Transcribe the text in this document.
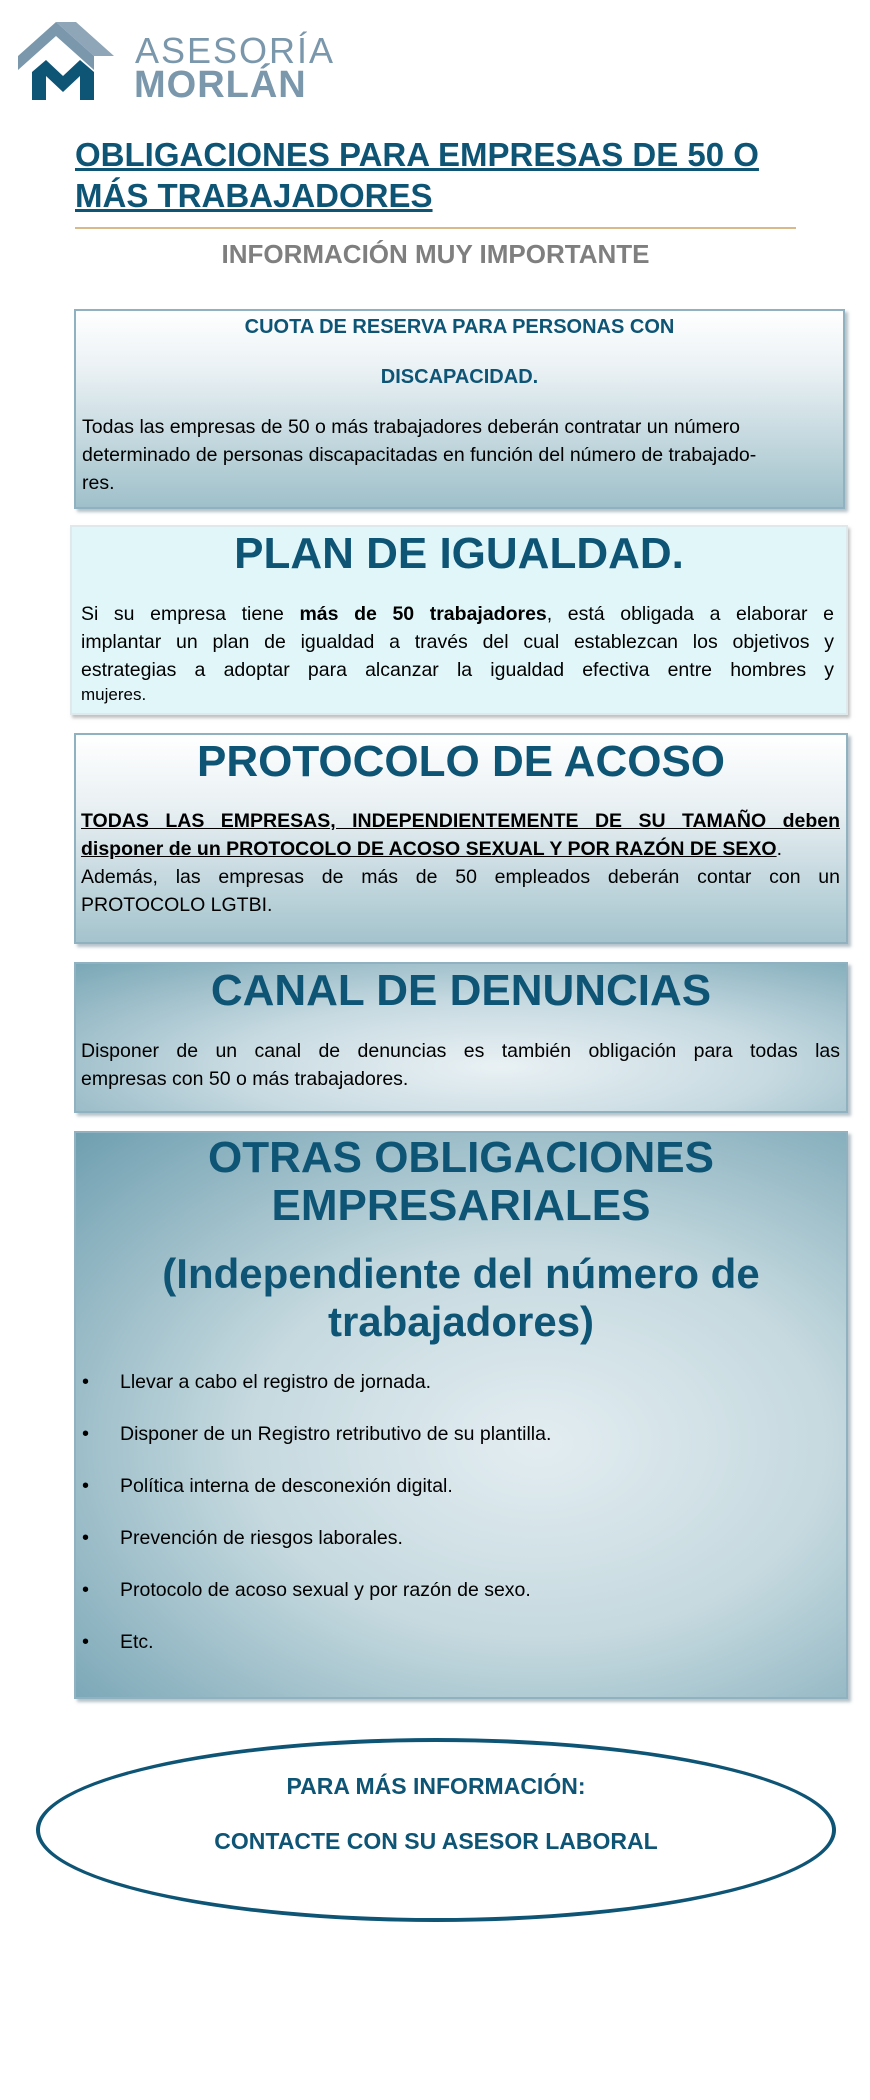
ASESORÍA
MORLÁN
OBLIGACIONES PARA EMPRESAS DE 50 O
MÁS TRABAJADORES
INFORMACIÓN MUY IMPORTANTE
CUOTA DE RESERVA PARA PERSONAS CON
DISCAPACIDAD.
Todas las empresas de 50 o más trabajadores deberán contratar un número
determinado de personas discapacitadas en función del número de trabajado-
res.
PLAN DE IGUALDAD.
Si su empresa tiene más de 50 trabajadores, está obligada a elaborar e
implantar un plan de igualdad a través del cual establezcan los objetivos y
estrategias a adoptar para alcanzar la igualdad efectiva entre hombres y
mujeres.
PROTOCOLO DE ACOSO
TODAS LAS EMPRESAS, INDEPENDIENTEMENTE DE SU TAMAÑO deben
disponer de un PROTOCOLO DE ACOSO SEXUAL Y POR RAZÓN DE SEXO.
Además, las empresas de más de 50 empleados deberán contar con un
PROTOCOLO LGTBI.
CANAL DE DENUNCIAS
Disponer de un canal de denuncias es también obligación para todas las
empresas con 50 o más trabajadores.
OTRAS OBLIGACIONES
EMPRESARIALES
(Independiente del número de
trabajadores)
• Llevar a cabo el registro de jornada.
• Disponer de un Registro retributivo de su plantilla.
• Política interna de desconexión digital.
• Prevención de riesgos laborales.
• Protocolo de acoso sexual y por razón de sexo.
• Etc.
PARA MÁS INFORMACIÓN:
CONTACTE CON SU ASESOR LABORAL
